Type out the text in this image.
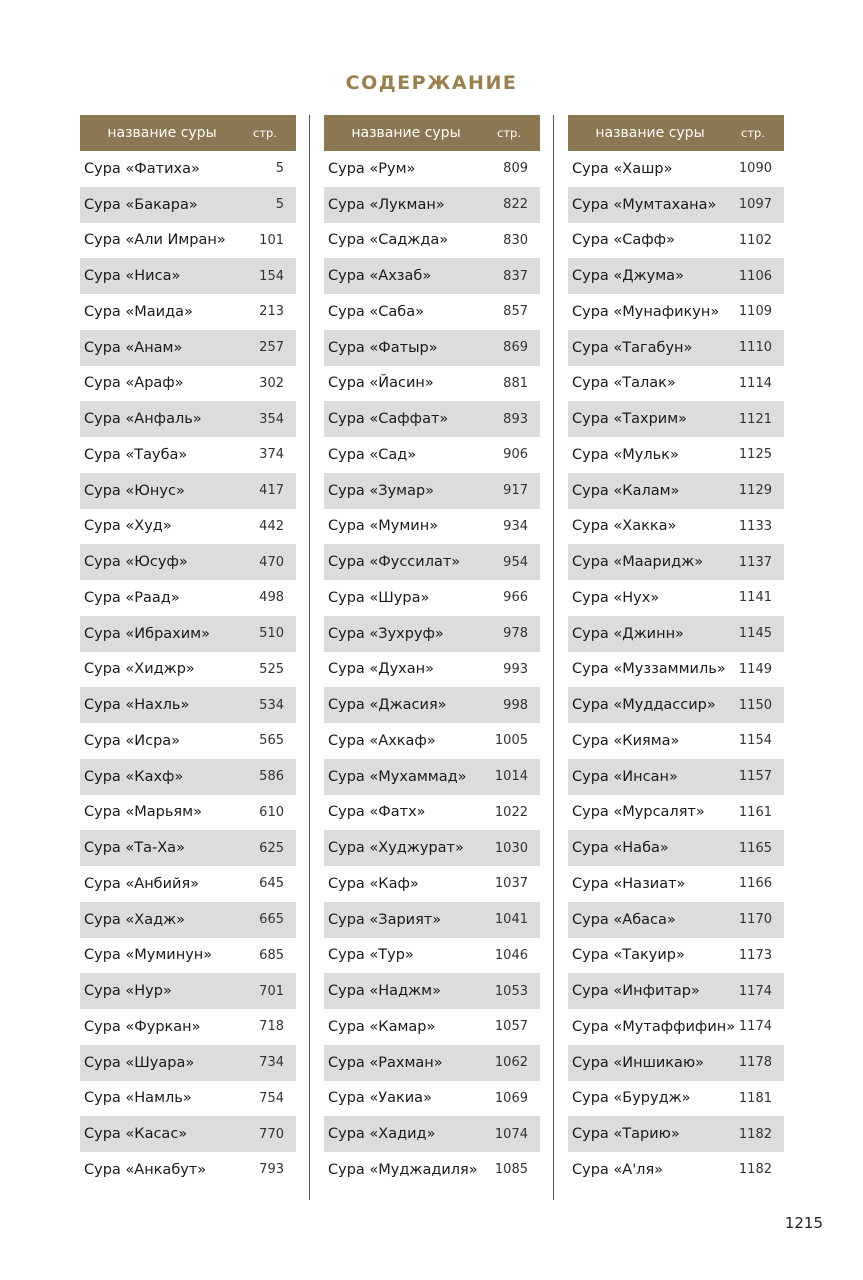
СОДЕРЖАНИЕ
название суры	стр.
Сура «Фатиха»	5
Сура «Бакара»	5
Сура «Али Имран»	101
Сура «Ниса»	154
Сура «Маида»	213
Сура «Анам»	257
Сура «Араф»	302
Сура «Анфаль»	354
Сура «Тауба»	374
Сура «Юнус»	417
Сура «Худ»	442
Сура «Юсуф»	470
Сура «Раад»	498
Сура «Ибрахим»	510
Сура «Хиджр»	525
Сура «Нахль»	534
Сура «Исра»	565
Сура «Кахф»	586
Сура «Марьям»	610
Сура «Та-Ха»	625
Сура «Анбийя»	645
Сура «Хадж»	665
Сура «Муминун»	685
Сура «Нур»	701
Сура «Фуркан»	718
Сура «Шуара»	734
Сура «Намль»	754
Сура «Касас»	770
Сура «Анкабут»	793
название суры	стр.
Сура «Рум»	809
Сура «Лукман»	822
Сура «Саджда»	830
Сура «Ахзаб»	837
Сура «Саба»	857
Сура «Фатыр»	869
Сура «Йасин»	881
Сура «Саффат»	893
Сура «Сад»	906
Сура «Зумар»	917
Сура «Мумин»	934
Сура «Фуссилат»	954
Сура «Шура»	966
Сура «Зухруф»	978
Сура «Духан»	993
Сура «Джасия»	998
Сура «Ахкаф»	1005
Сура «Мухаммад»	1014
Сура «Фатх»	1022
Сура «Худжурат»	1030
Сура «Каф»	1037
Сура «Зарият»	1041
Сура «Тур»	1046
Сура «Наджм»	1053
Сура «Камар»	1057
Сура «Рахман»	1062
Сура «Уакиа»	1069
Сура «Хадид»	1074
Сура «Муджадиля»	1085
название суры	стр.
Сура «Хашр»	1090
Сура «Мумтахана»	1097
Сура «Сафф»	1102
Сура «Джума»	1106
Сура «Мунафикун»	1109
Сура «Тагабун»	1110
Сура «Талак»	1114
Сура «Тахрим»	1121
Сура «Мульк»	1125
Сура «Калам»	1129
Сура «Хакка»	1133
Сура «Мааридж»	1137
Сура «Нух»	1141
Сура «Джинн»	1145
Сура «Муззаммиль»	1149
Сура «Муддассир»	1150
Сура «Кияма»	1154
Сура «Инсан»	1157
Сура «Мурсалят»	1161
Сура «Наба»	1165
Сура «Назиат»	1166
Сура «Абаса»	1170
Сура «Такуир»	1173
Сура «Инфитар»	1174
Сура «Мутаффифин» 1174
Сура «Иншикаю»	1178
Сура «Бурудж»	1181
Сура «Тарию»	1182
Сура «А'ля»	1182
1215
